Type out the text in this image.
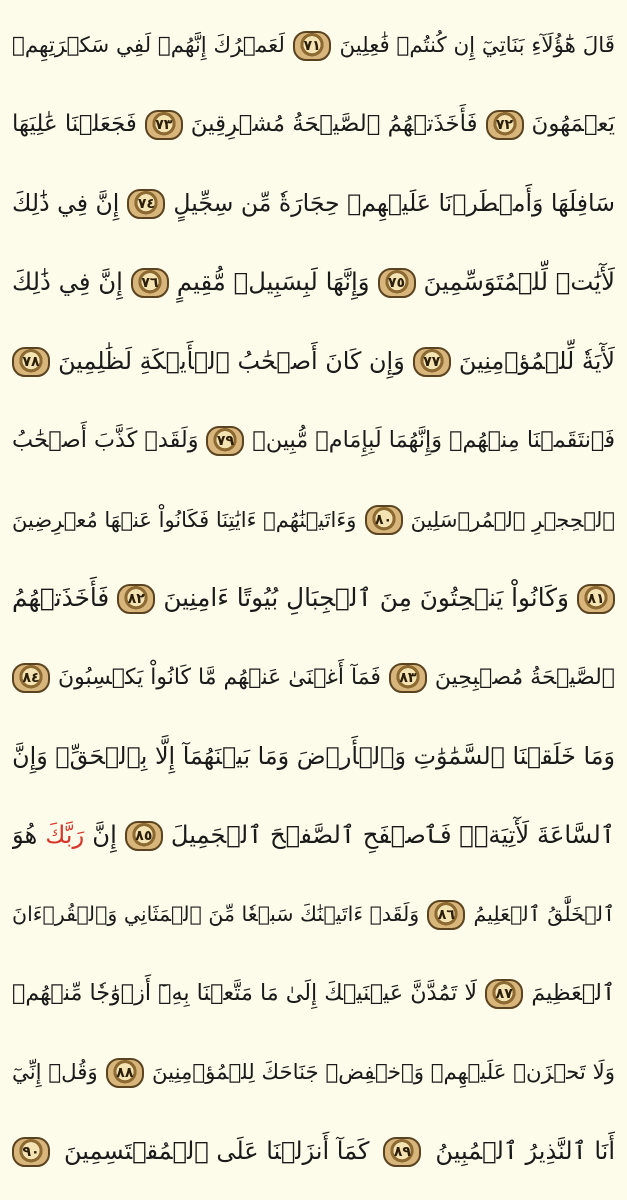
قَالَ هَٰٓؤُلَآءِ بَنَاتِيٓ إِن كُنتُمۡ فَٰعِلِينَ
٧١
لَعَمۡرُكَ إِنَّهُمۡ لَفِي سَكۡرَتِهِمۡ
يَعۡمَهُونَ
٧٢
فَأَخَذَتۡهُمُ ٱلصَّيۡحَةُ مُشۡرِقِينَ
٧٣
فَجَعَلۡنَا عَٰلِيَهَا
سَافِلَهَا وَأَمۡطَرۡنَا عَلَيۡهِمۡ حِجَارَةٗ مِّن سِجِّيلٍ
٧٤
إِنَّ فِي ذَٰلِكَ
لَأٓيَٰتٖ لِّلۡمُتَوَسِّمِينَ
٧٥
وَإِنَّهَا لَبِسَبِيلٖ مُّقِيمٍ
٧٦
إِنَّ فِي ذَٰلِكَ
لَأٓيَةٗ لِّلۡمُؤۡمِنِينَ
٧٧
وَإِن كَانَ أَصۡحَٰبُ ٱلۡأَيۡكَةِ لَظَٰلِمِينَ
٧٨
فَٱنتَقَمۡنَا مِنۡهُمۡ وَإِنَّهُمَا لَبِإِمَامٖ مُّبِينٖ
٧٩
وَلَقَدۡ كَذَّبَ أَصۡحَٰبُ
ٱلۡحِجۡرِ ٱلۡمُرۡسَلِينَ
٨٠
وَءَاتَيۡنَٰهُمۡ ءَايَٰتِنَا فَكَانُواْ عَنۡهَا مُعۡرِضِينَ
٨١
وَكَانُواْ يَنۡحِتُونَ مِنَ ٱلۡجِبَالِ بُيُوتًا ءَامِنِينَ
٨٢
فَأَخَذَتۡهُمُ
ٱلصَّيۡحَةُ مُصۡبِحِينَ
٨٣
فَمَآ أَغۡنَىٰ عَنۡهُم مَّا كَانُواْ يَكۡسِبُونَ
٨٤
وَمَا خَلَقۡنَا ٱلسَّمَٰوَٰتِ وَٱلۡأَرۡضَ وَمَا بَيۡنَهُمَآ إِلَّا بِٱلۡحَقِّۗ وَإِنَّ
ٱلسَّاعَةَ لَأٓتِيَةٞۖ فَٱصۡفَحِ ٱلصَّفۡحَ ٱلۡجَمِيلَ
٨٥
إِنَّ
رَبَّكَ
هُوَ
ٱلۡخَلَّٰقُ ٱلۡعَلِيمُ
٨٦
وَلَقَدۡ ءَاتَيۡنَٰكَ سَبۡعٗا مِّنَ ٱلۡمَثَانِي وَٱلۡقُرۡءَانَ
ٱلۡعَظِيمَ
٨٧
لَا تَمُدَّنَّ عَيۡنَيۡكَ إِلَىٰ مَا مَتَّعۡنَا بِهِۦٓ أَزۡوَٰجٗا مِّنۡهُمۡ
وَلَا تَحۡزَنۡ عَلَيۡهِمۡ وَٱخۡفِضۡ جَنَاحَكَ لِلۡمُؤۡمِنِينَ
٨٨
وَقُلۡ إِنِّيٓ
أَنَا ٱلنَّذِيرُ ٱلۡمُبِينُ
٨٩
كَمَآ أَنزَلۡنَا عَلَى ٱلۡمُقۡتَسِمِينَ
٩٠
